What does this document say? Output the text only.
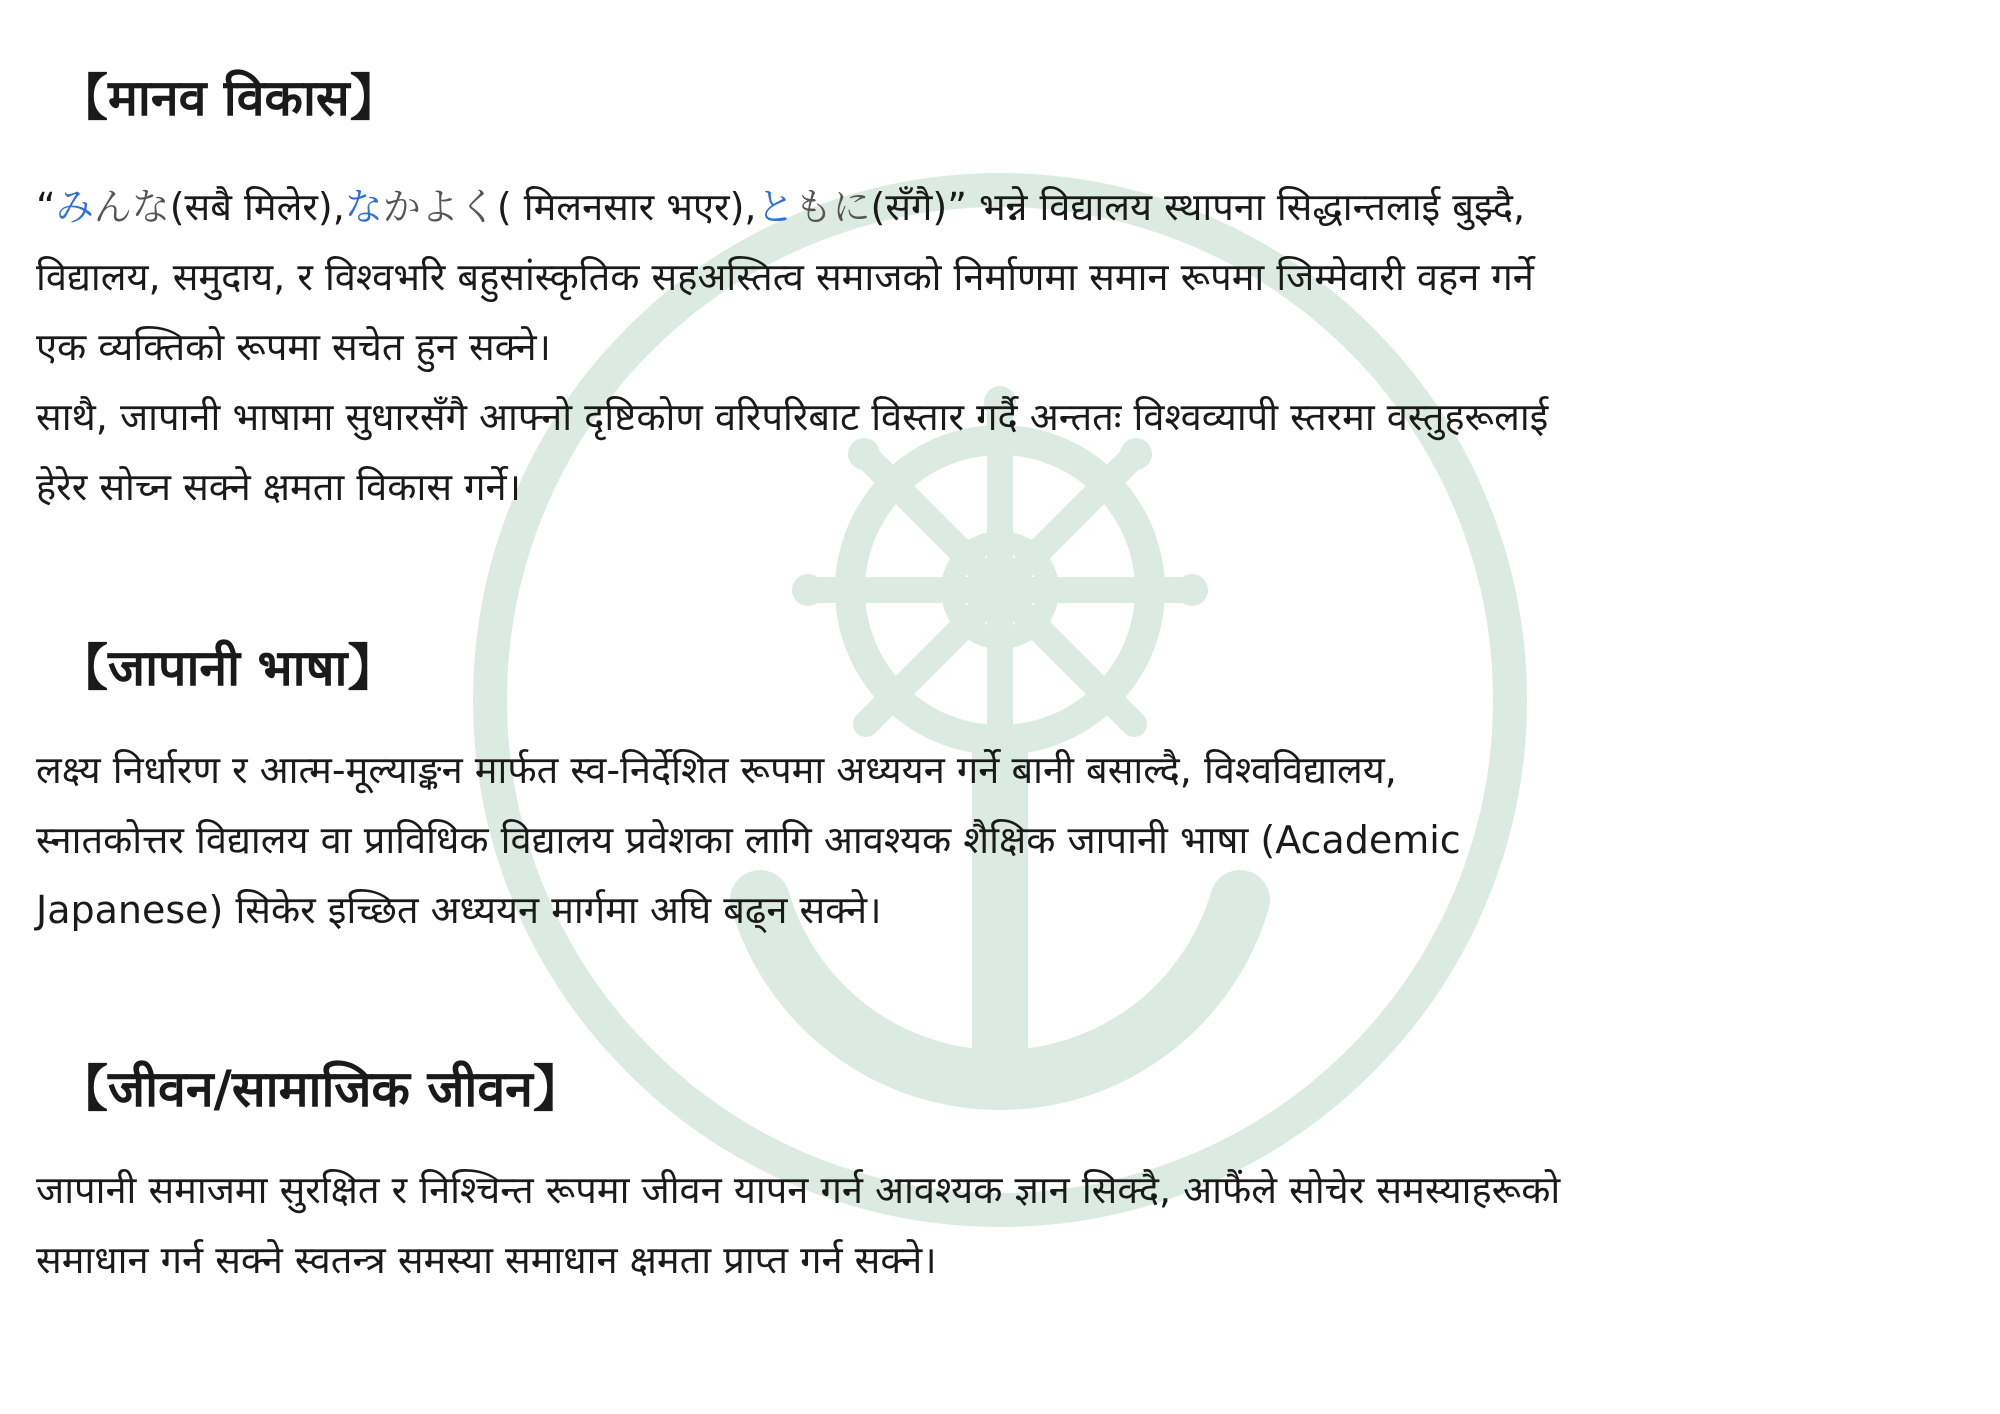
【मानव विकास】
“みんな(सबै मिलेर),なかよく( मिलनसार भएर),ともに(सँगै)” भन्ने विद्यालय स्थापना सिद्धान्तलाई बुझ्दै,
विद्यालय, समुदाय, र विश्वभरि बहुसांस्कृतिक सहअस्तित्व समाजको निर्माणमा समान रूपमा जिम्मेवारी वहन गर्ने
एक व्यक्तिको रूपमा सचेत हुन सक्ने।
साथै, जापानी भाषामा सुधारसँगै आफ्नो दृष्टिकोण वरिपरिबाट विस्तार गर्दै अन्ततः विश्वव्यापी स्तरमा वस्तुहरूलाई
हेरेर सोच्न सक्ने क्षमता विकास गर्ने।
【जापानी भाषा】
लक्ष्य निर्धारण र आत्म-मूल्याङ्कन मार्फत स्व-निर्देशित रूपमा अध्ययन गर्ने बानी बसाल्दै, विश्वविद्यालय,
स्नातकोत्तर विद्यालय वा प्राविधिक विद्यालय प्रवेशका लागि आवश्यक शैक्षिक जापानी भाषा (Academic
Japanese) सिकेर इच्छित अध्ययन मार्गमा अघि बढ्न सक्ने।
【जीवन/सामाजिक जीवन】
जापानी समाजमा सुरक्षित र निश्चिन्त रूपमा जीवन यापन गर्न आवश्यक ज्ञान सिक्दै, आफैंले सोचेर समस्याहरूको
समाधान गर्न सक्ने स्वतन्त्र समस्या समाधान क्षमता प्राप्त गर्न सक्ने।
